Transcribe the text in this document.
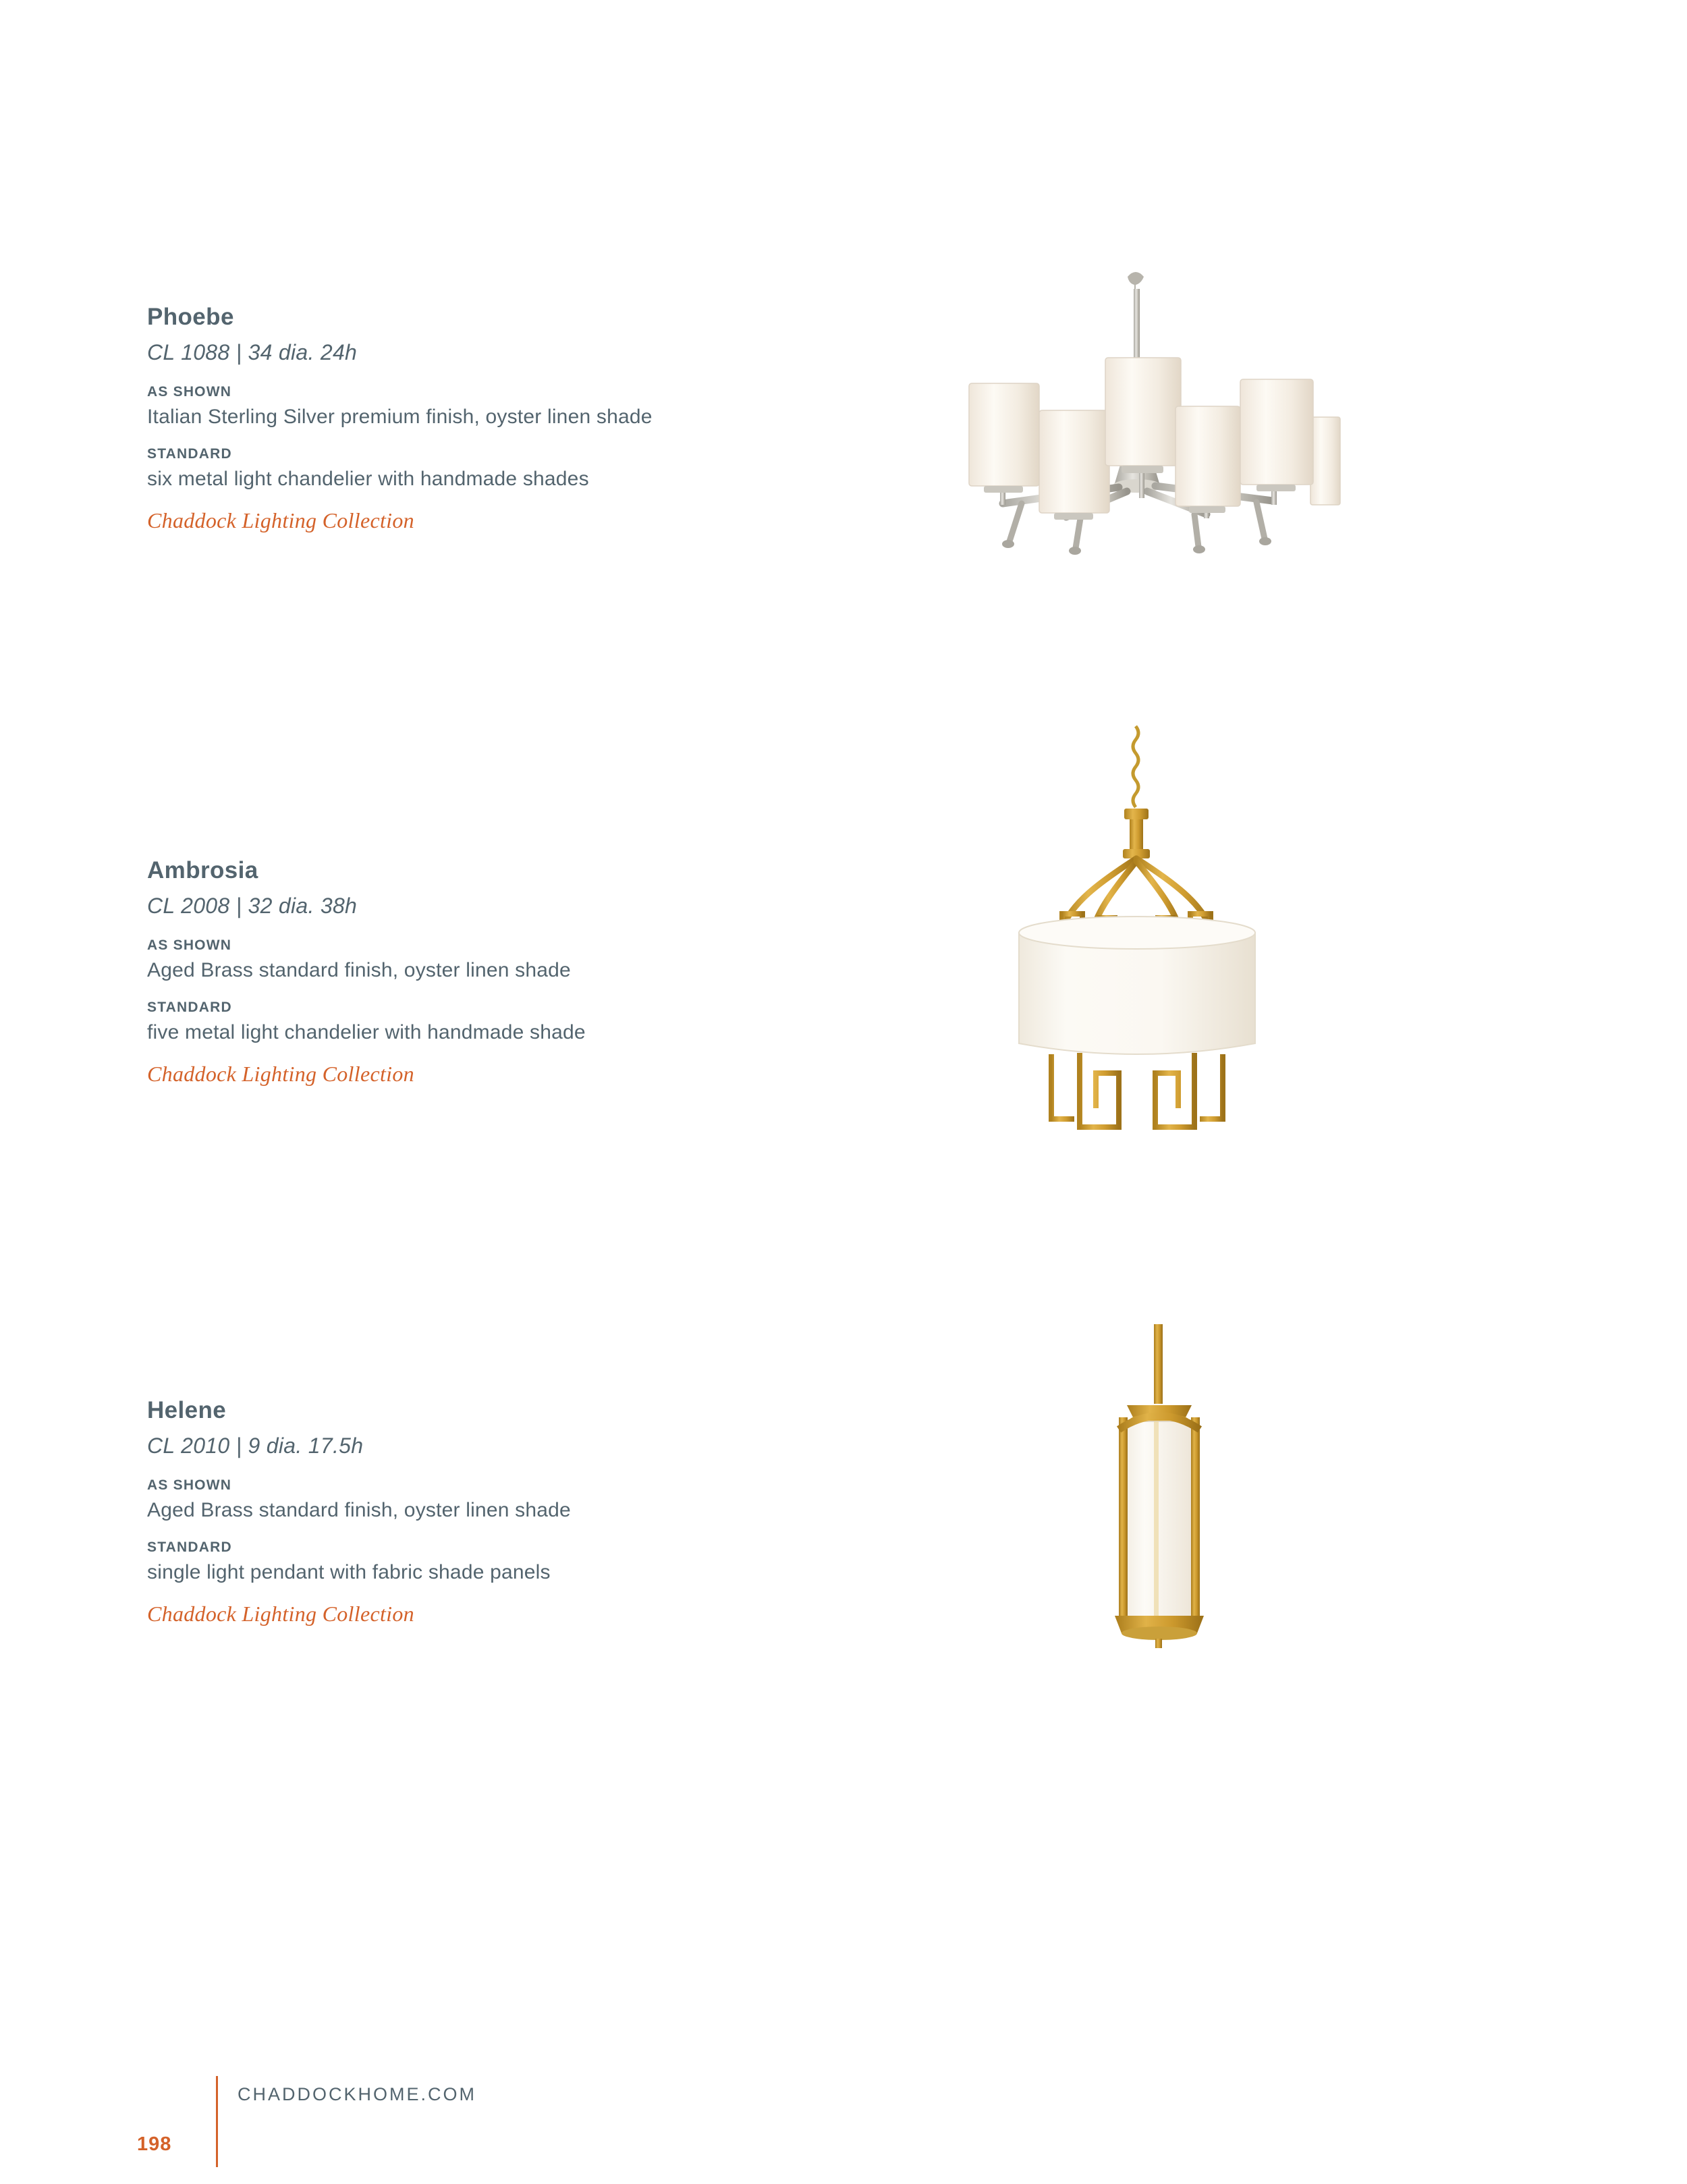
Phoebe
CL 1088 | 34 dia. 24h
AS SHOWN
Italian Sterling Silver premium finish, oyster linen shade
STANDARD
six metal light chandelier with handmade shades
Chaddock Lighting Collection
Ambrosia
CL 2008 | 32 dia. 38h
AS SHOWN
Aged Brass standard finish, oyster linen shade
STANDARD
five metal light chandelier with handmade shade
Chaddock Lighting Collection
Helene
CL 2010 | 9 dia. 17.5h
AS SHOWN
Aged Brass standard finish, oyster linen shade
STANDARD
single light pendant with fabric shade panels
Chaddock Lighting Collection
CHADDOCKHOME.COM
198
